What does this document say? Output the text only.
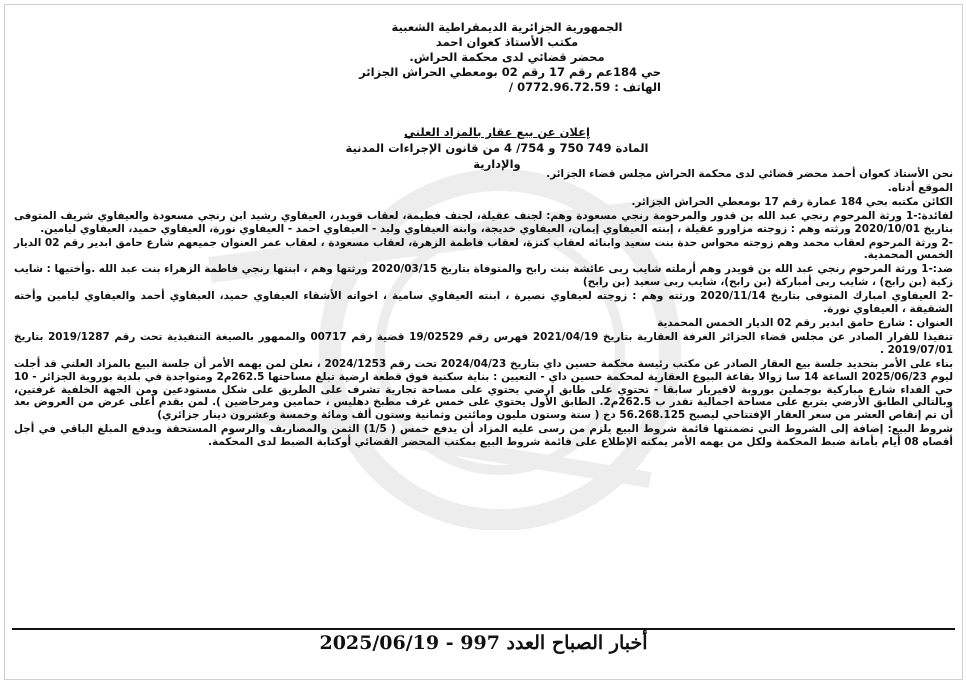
الجمهورية الجزائرية الديمقراطية الشعبية
مكتب الأستاذ كعوان احمد
محضر قضائي لدى محكمة الحراش.
حي 184عم رقم 17 رقم 02 بومعطي الحراش الجزائر
الهاتف : 0772.96.72.59 /
إعلان عن بيع عقار بالمزاد العلني
المادة 749 750 و 754/ 4 من قانون الإجراءات المدنية والإدارية

نحن الأستاذ كعوان أحمد محضر قضائي لدى محكمة الحراش مجلس قضاء الجزائر.

الموقع أدناه.

الكائن مكتبه بحي 184 عمارة رقم 17 بومعطي الحراش الجزائر.

لفائدة:-1 ورثة المرحوم رنجي عبد الله بن قدور والمرحومة رنجي مسعودة وهم: لجنف عقيلة، لجنف فطيمة، لعقاب قويدر، العيفاوي رشيد ابن رنجي مسعودة والعيفاوي شريف المتوفى بتاريخ 2020/10/01 ورثته وهم : زوجته مزاورو عقيلة ، إبنته العيفاوي إيمان، العيفاوي خديجة، وابنه العيفاوي وليد - العيفاوي احمد - العيفاوي نورة، العيفاوي حميد، العيفاوي ليامين.

-2 ورثة المرحوم لعقاب محمد وهم زوجته محواس حدة بنت سعيد وابنائه لعقاب كنزة، لعقاب فاطمة الزهرة، لعقاب مسعودة ، لعقاب عمر العنوان جميعهم شارع حامق ابدير رقم 02 الديار الخمس المحمدية.

ضد:-1 ورثة المرحوم رنجي عبد الله بن قويدر وهم أرملته شايب ربى عائشة بنت رابح والمتوفاة بتاريخ 2020/03/15 ورثتها وهم ، ابنتها رنجي فاطمة الزهراء بنت عبد الله .وأختيها : شايب زكية (بن رابح) ، شايب ربى أمباركة (بن رابح)، شايب ربى سعيد (بن رابح)

-2 العيفاوي امبارك المتوفى بتاريخ 2020/11/14 ورثته وهم : زوجته لعيفاوي نصيرة ، ابنته العيفاوي سامية ، اخواته الأشقاء العيفاوي حميد، العيفاوي أحمد والعيفاوي ليامين وأخته الشقيقة ، العيفاوي نورة.

العنوان : شارع حامق ابدير رقم 02 الديار الخمس المحمدية

تنفيذا للقرار الصادر عن مجلس قضاء الجزائر الغرفة العقارية بتاريخ 2021/04/19 فهرس رقم 19/02529 قضية رقم 00717 والممهور بالصيغة التنفيذية تحت رقم 2019/1287 بتاريخ 2019/07/01 .

بناء على الأمر بتحديد جلسة بيع العقار الصادر عن مكتب رئيسة محكمة حسين داي بتاريخ 2024/04/23 تحت رقم 2024/1253 ، نعلن لمن يهمه الأمر أن جلسة البيع بالمزاد العلني قد أجلت ليوم 2025/06/23 الساعة 14 سا زوالا بقاعة البيوع العقارية لمحكمة حسين داي - التعيين : بناية سكنية فوق قطعة ارضية تبلغ مساحتها 262.5م2 ومتواجدة في بلدية بوروبة الجزائر - 10 حي الفداء شارع مباركية بوجملين بوروبة لافيريار سابقا - تحتوي على طابق ارضي يحتوي على مساحة تجارية تشرف على الطريق على شكل مستودعين ومن الجهة الخلفية غرفتين، وبالتالي الطابق الأرضي يتربع على مساحة اجمالية تقدر ب 262.5م2. الطابق الأول يحتوي على خمس غرف مطبخ دهليس ، حمامين ومرحاضين ). لمن يقدم أعلى عرض من العروض بعد أن تم إنقاص العشر من سعر العقار الإفتتاحي ليصبح 56.268.125 دج ( ستة وستون مليون ومائتين وثمانية وستون ألف ومائة وخمسة وعشرون دينار جزائري)

شروط البيع: إضافة إلى الشروط التي تضمنتها قائمة شروط البيع يلزم من رسى عليه المزاد أن يدفع خمس ( 1/5) الثمن والمصاريف والرسوم المستحقة ويدفع المبلغ الباقي في أجل أقصاه 08 أيام بأمانة ضبط المحكمة ولكل من يهمه الأمر يمكنه الإطلاع على قائمة شروط البيع بمكتب المحضر القضائي أوكتابة الضبط لدى المحكمة.

أخبار الصباح العدد 997 - 2025/06/19
